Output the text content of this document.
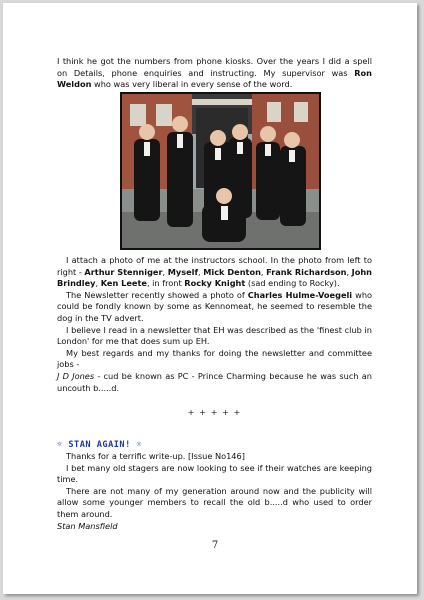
I think he got the numbers from phone kiosks. Over the years I did a spell on Details, phone enquiries and instructing. My supervisor was Ron Weldon who was very liberal in every sense of the word.

I attach a photo of me at the instructors school. In the photo from left to right - Arthur Stenniger, Myself, Mick Denton, Frank Richardson, John Brindley, Ken Leete, in front Rocky Knight (sad ending to Rocky).

The Newsletter recently showed a photo of Charles Hulme-Voegeli who could be fondly known by some as Kennomeat, he seemed to resemble the dog in the TV advert.

I believe I read in a newsletter that EH was described as the 'finest club in London' for me that does sum up EH.

My best regards and my thanks for doing the newsletter and committee jobs -

J D Jones - cud be known as PC - Prince Charming because he was such an uncouth b.....d.

+ + + + +
☼ STAN AGAIN! ☼

Thanks for a terrific write-up. [Issue No146]

I bet many old stagers are now looking to see if their watches are keeping time.

There are not many of my generation around now and the publicity will allow some younger members to recall the old b.....d who used to order them around.

Stan Mansfield

7
